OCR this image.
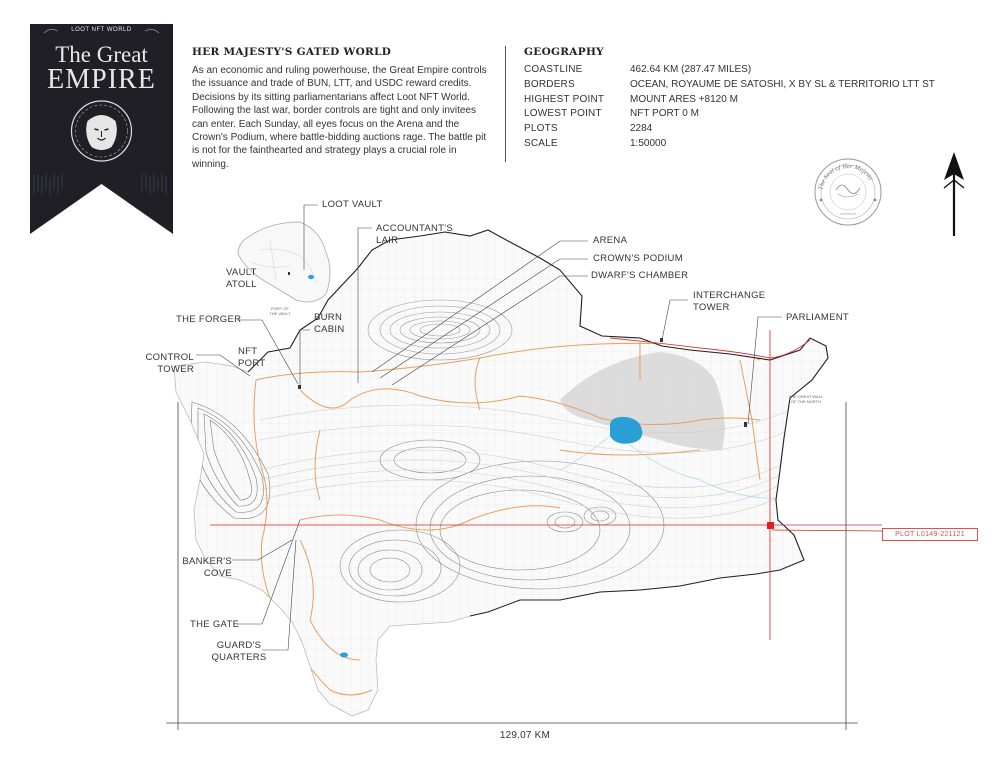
LOOT NFT WORLD
The Great
EMPIRE
HER MAJESTY'S GATED WORLD
As an economic and ruling powerhouse, the Great Empire controls the issuance and trade of BUN, LTT, and USDC reward credits. Decisions by its sitting parliamentarians affect Loot NFT World. Following the last war, border controls are tight and only invitees can enter. Each Sunday, all eyes focus on the Arena and the Crown's Podium, where battle-bidding auctions rage. The battle pit is not for the fainthearted and strategy plays a crucial role in winning.
GEOGRAPHY
COASTLINE	462.64 KM (287.47 MILES)
BORDERS	OCEAN, ROYAUME DE SATOSHI, X BY SL & TERRITORIO LTT ST
HIGHEST POINT	MOUNT ARES +8120 M
LOWEST POINT	NFT PORT 0 M
PLOTS	2284
SCALE	1:50000
The Seal of Her Majesty
LOOT VAULT
ACCOUNTANT'S
LAIR	ARENA
CROWN'S PODIUM
DWARF'S CHAMBER
INTERCHANGE
TOWER
PARLIAMENT
VAULT
ATOLL
THE FORGER	BURN
CABIN
CONTROL
TOWER
NFT
PORT
BANKER'S
COVE
THE GATE
GUARD'S
QUARTERS
PORT OF
THE VAULT
THE GREAT WALL
OF THE NORTH
PLOT L0149-221121
129.07 KM
